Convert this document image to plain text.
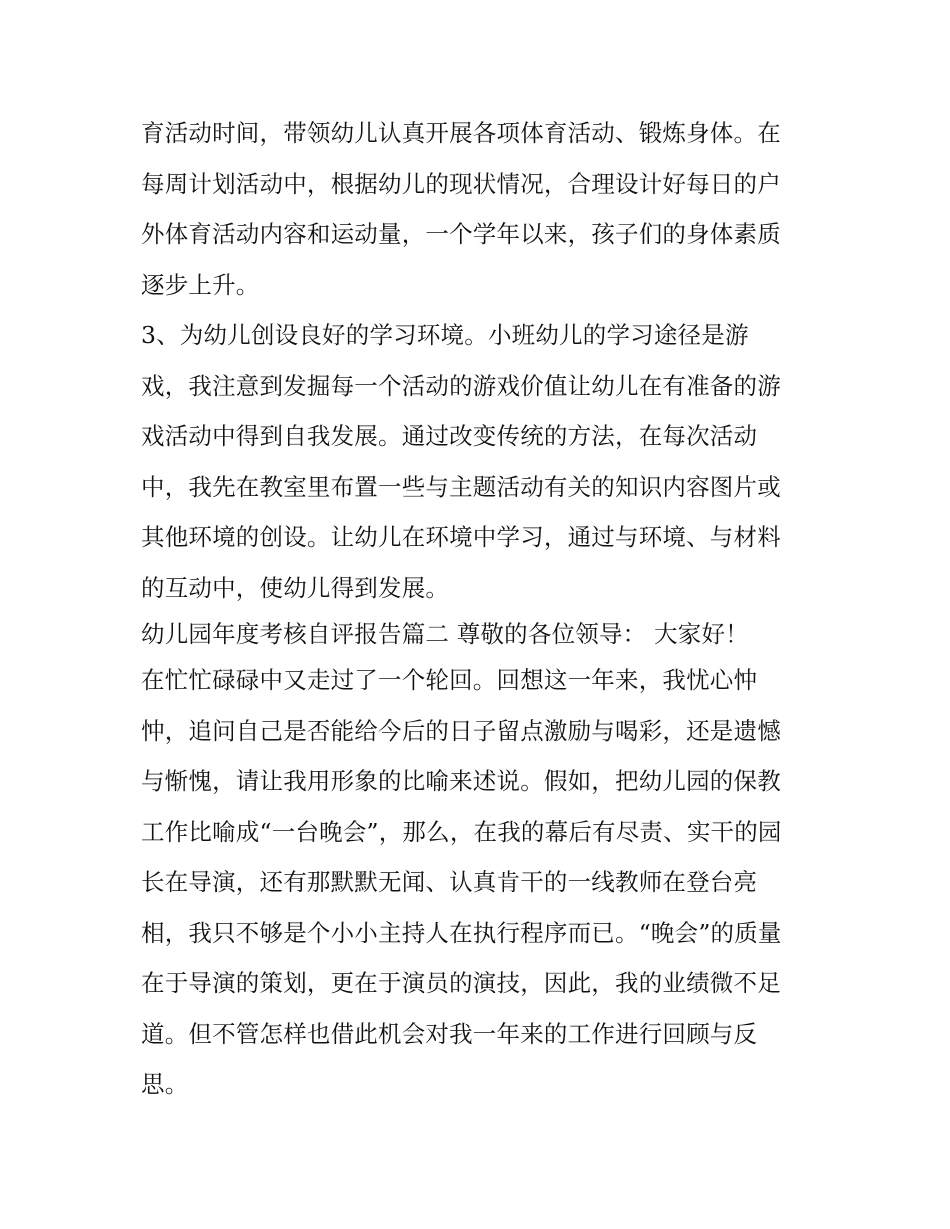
育活动时间，带领幼儿认真开展各项体育活动、锻炼身体。在
每周计划活动中，根据幼儿的现状情况，合理设计好每日的户
外体育活动内容和运动量，一个学年以来，孩子们的身体素质
逐步上升。
3、为幼儿创设良好的学习环境。小班幼儿的学习途径是游
戏，我注意到发掘每一个活动的游戏价值让幼儿在有准备的游
戏活动中得到自我发展。通过改变传统的方法，在每次活动
中，我先在教室里布置一些与主题活动有关的知识内容图片或
其他环境的创设。让幼儿在环境中学习，通过与环境、与材料
的互动中，使幼儿得到发展。
幼儿园年度考核自评报告篇二 尊敬的各位领导： 大家好！
在忙忙碌碌中又走过了一个轮回。回想这一年来，我忧心忡
忡，追问自己是否能给今后的日子留点激励与喝彩，还是遗憾
与惭愧，请让我用形象的比喻来述说。假如，把幼儿园的保教
工作比喻成“一台晚会”，那么，在我的幕后有尽责、实干的园
长在导演，还有那默默无闻、认真肯干的一线教师在登台亮
相，我只不够是个小小主持人在执行程序而已。“晚会”的质量
在于导演的策划，更在于演员的演技，因此，我的业绩微不足
道。但不管怎样也借此机会对我一年来的工作进行回顾与反
思。
